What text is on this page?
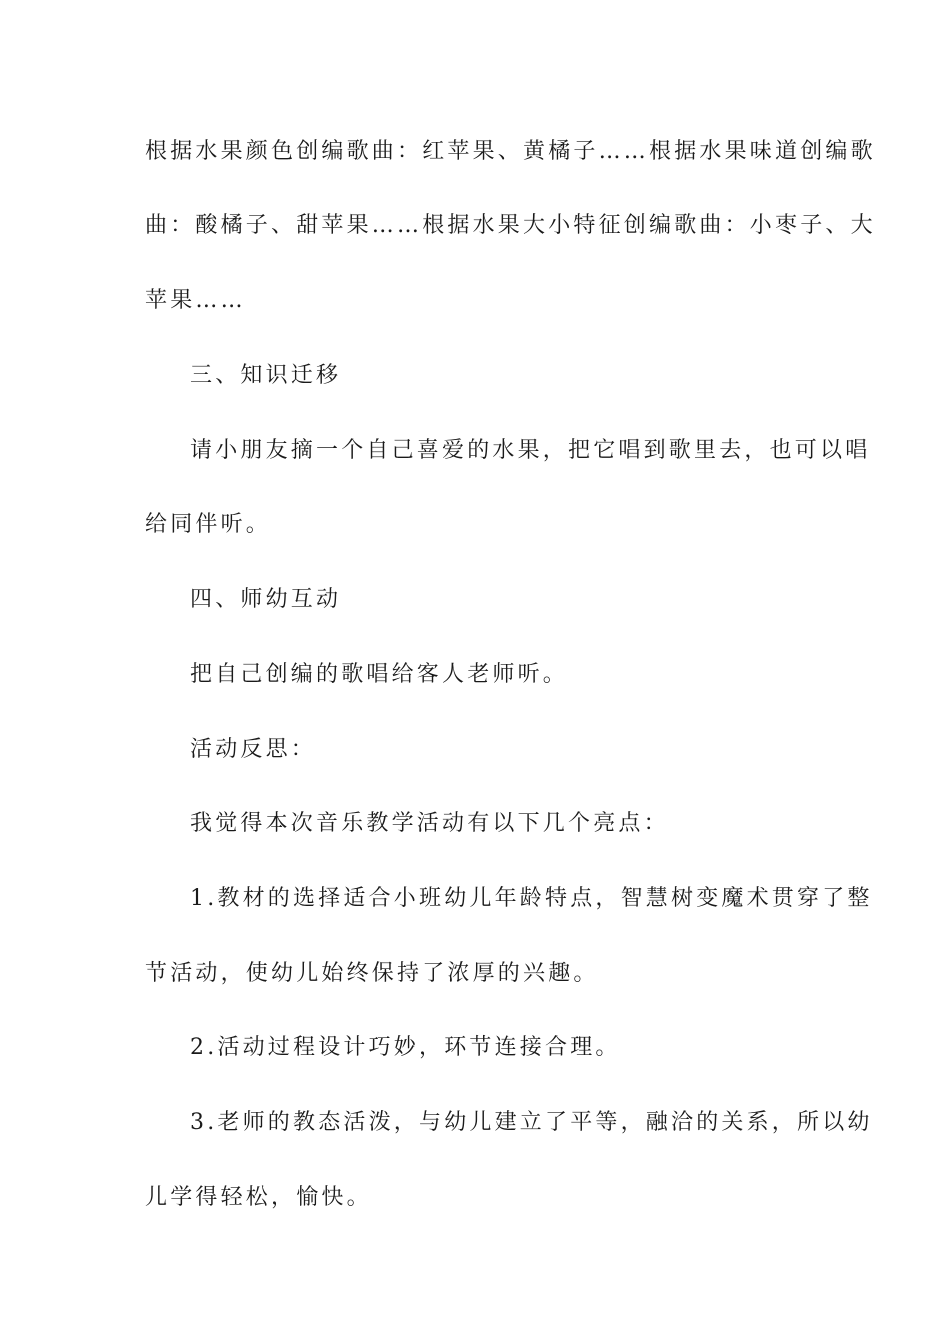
根据水果颜色创编歌曲：红苹果、黄橘子……根据水果味道创编歌
曲：酸橘子、甜苹果……根据水果大小特征创编歌曲：小枣子、大
苹果……
三、知识迁移
请小朋友摘一个自己喜爱的水果，把它唱到歌里去，也可以唱
给同伴听。
四、师幼互动
把自己创编的歌唱给客人老师听。
活动反思：
我觉得本次音乐教学活动有以下几个亮点：
1.教材的选择适合小班幼儿年龄特点，智慧树变魔术贯穿了整
节活动，使幼儿始终保持了浓厚的兴趣。
2.活动过程设计巧妙，环节连接合理。
3.老师的教态活泼，与幼儿建立了平等，融洽的关系，所以幼
儿学得轻松，愉快。
